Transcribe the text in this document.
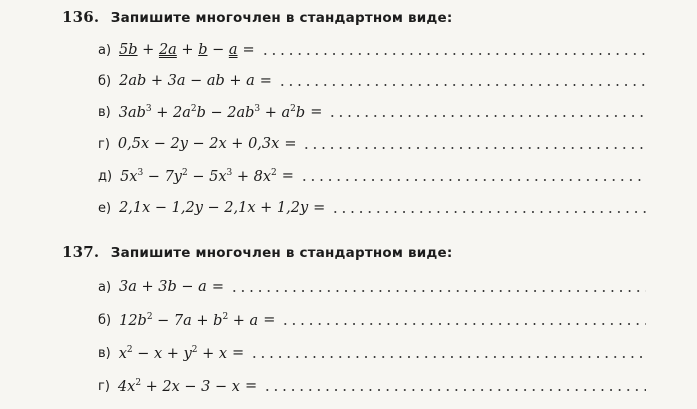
136. Запишите многочлен в стандартном виде:
а) 5b + 2a + b − a =
б) 2ab + 3a − ab + a =
в) $3ab^3 + 2a^2b - 2ab^3 + a^2b$ =
г) 0,5x − 2y − 2x + 0,3x =
д) $5x^3 - 7y^2 - 5x^3 + 8x^2$ =
е) 2,1x − 1,2y − 2,1x + 1,2y =
137. Запишите многочлен в стандартном виде:
а) 3a + 3b − a =
б) $12b^2 - 7a + b^2 + a$ =
в) $x^2 - x + y^2 + x$ =
г) $4x^2 + 2x - 3 - x$ =
